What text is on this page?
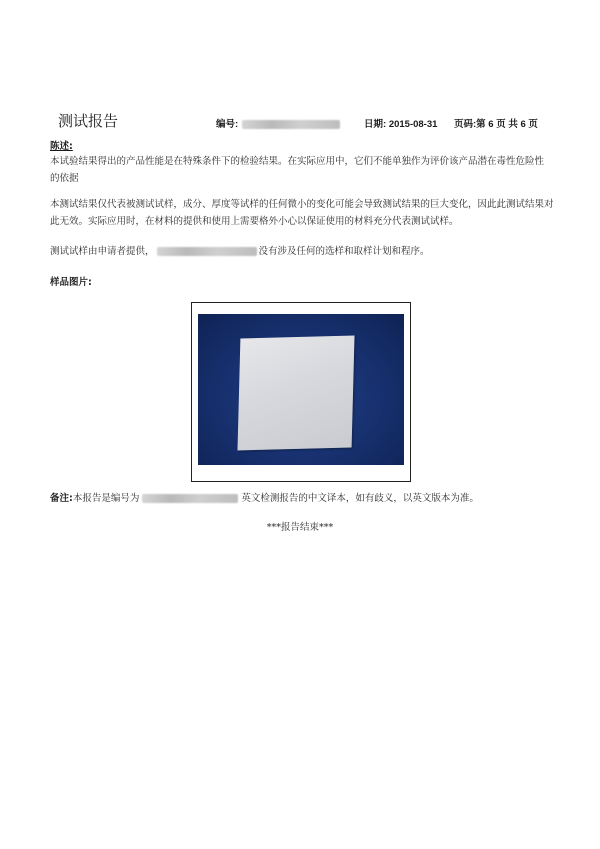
测试报告	编号:	日期: 2015-08-31 页码:第 6 页 共 6 页
陈述:
本试验结果得出的产品性能是在特殊条件下的检验结果。在实际应用中，它们不能单独作为评价该产品潜在毒性危险性的依据
本测试结果仅代表被测试试样，成分、厚度等试样的任何微小的变化可能会导致测试结果的巨大变化，因此此测试结果对此无效。实际应用时，在材料的提供和使用上需要格外小心以保证使用的材料充分代表测试试样。
测试试样由申请者提供，	没有涉及任何的选样和取样计划和程序。
样品图片:
备注:本报告是编号为	英文检测报告的中文译本，如有歧义，以英文版本为准。
***报告结束***
